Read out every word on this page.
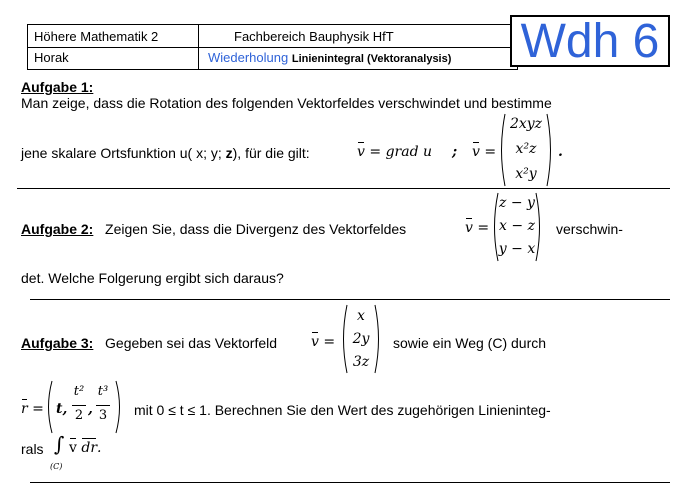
Höhere Mathematik 2	Fachbereich Bauphysik HfT
Horak	Wiederholung Linienintegral (Vektoranalysis) Wdh 6
Aufgabe 1:
Man zeige, dass die Rotation des folgenden Vektorfeldes verschwindet und bestimme
jene skalare Ortsfunktion u( x; y; z), für die gilt:	v = grad u ; v =
2xyz
x²z
x²y
.
Aufgabe 2: Zeigen Sie, dass die Divergenz des Vektorfeldes	v =
z − y
x − z
y − x
verschwin-
det. Welche Folgerung ergibt sich daraus?
Aufgabe 3: Gegeben sei das Vektorfeld v =
x
2y
3z
sowie ein Weg (C) durch
r = t,
t²
2 ,
t³
3 mit 0 ≤ t ≤ 1. Berechnen Sie den Wert des zugehörigen Linieninteg-
rals ∫
(C)
v dr.
